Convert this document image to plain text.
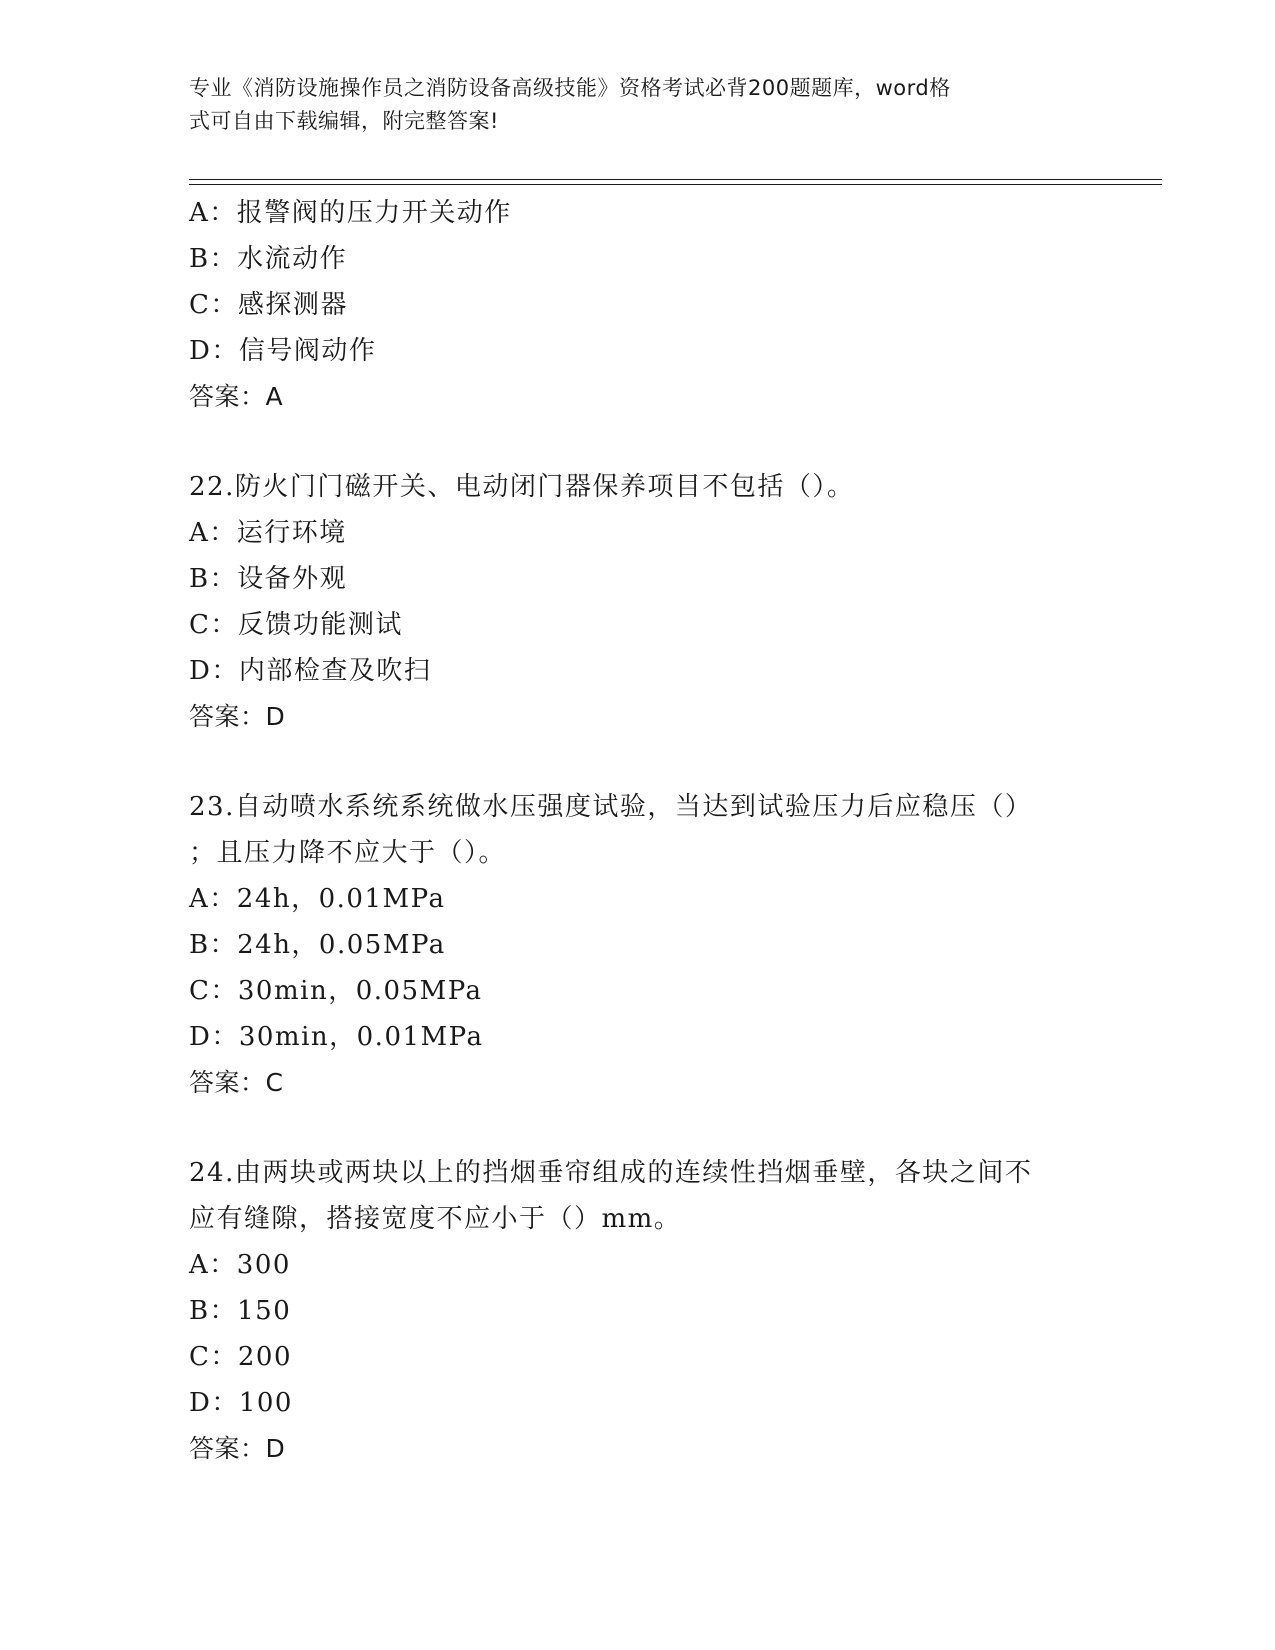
专业《消防设施操作员之消防设备高级技能》资格考试必背200题题库，word格
式可自由下载编辑，附完整答案!
A：报警阀的压力开关动作
B：水流动作
C：感探测器
D：信号阀动作
答案：A
22.防火门门磁开关、电动闭门器保养项目不包括（）。
A：运行环境
B：设备外观
C：反馈功能测试
D：内部检查及吹扫
答案：D
23.自动喷水系统系统做水压强度试验，当达到试验压力后应稳压（）
；且压力降不应大于（）。
A：24h，0.01MPa
B：24h，0.05MPa
C：30min，0.05MPa
D：30min，0.01MPa
答案：C
24.由两块或两块以上的挡烟垂帘组成的连续性挡烟垂壁，各块之间不
应有缝隙，搭接宽度不应小于（）mm。
A：300
B：150
C：200
D：100
答案：D
